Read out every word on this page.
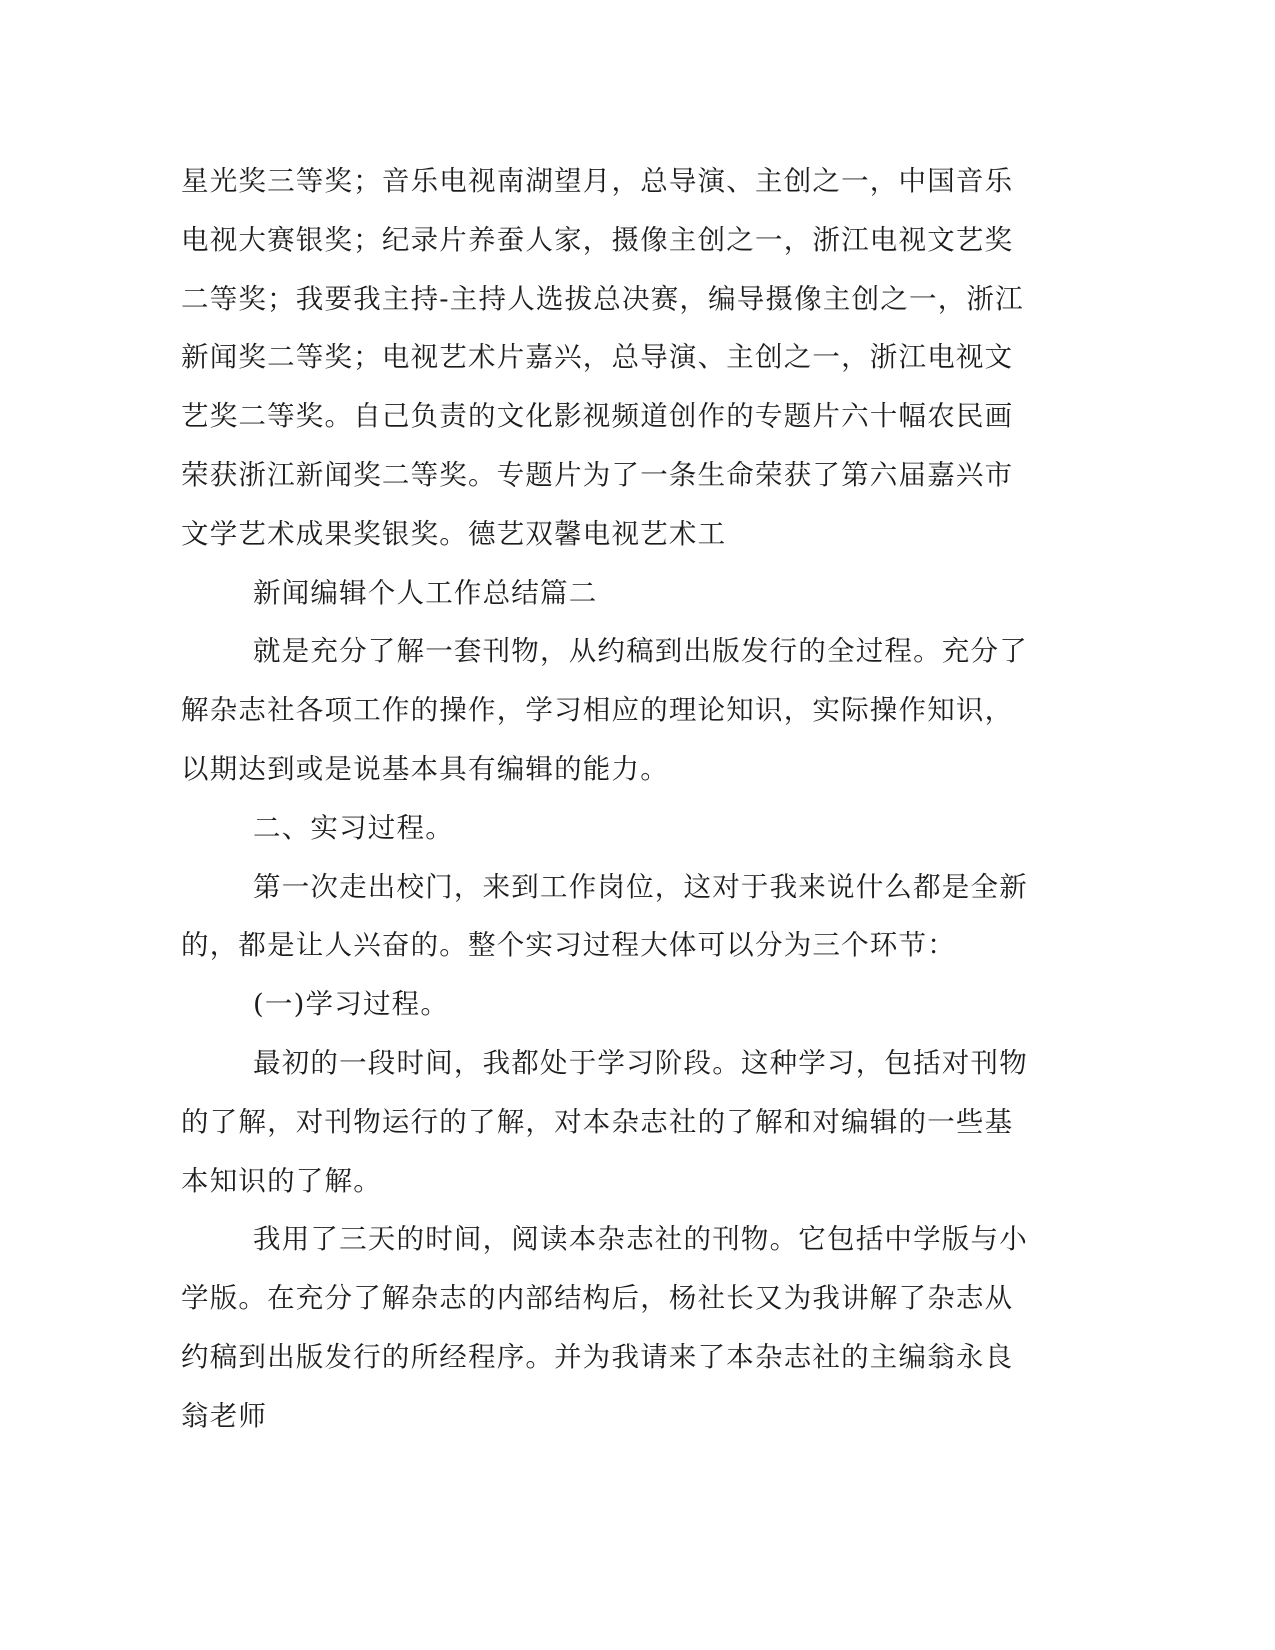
星光奖三等奖；音乐电视南湖望月，总导演、主创之一，中国音乐电视大赛银奖；纪录片养蚕人家，摄像主创之一，浙江电视文艺奖二等奖；我要我主持-主持人选拔总决赛，编导摄像主创之一，浙江新闻奖二等奖；电视艺术片嘉兴，总导演、主创之一，浙江电视文艺奖二等奖。自己负责的文化影视频道创作的专题片六十幅农民画荣获浙江新闻奖二等奖。专题片为了一条生命荣获了第六届嘉兴市文学艺术成果奖银奖。德艺双馨电视艺术工

新闻编辑个人工作总结篇二

就是充分了解一套刊物，从约稿到出版发行的全过程。充分了解杂志社各项工作的操作，学习相应的理论知识，实际操作知识，以期达到或是说基本具有编辑的能力。

二、实习过程。

第一次走出校门，来到工作岗位，这对于我来说什么都是全新的，都是让人兴奋的。整个实习过程大体可以分为三个环节：

(一)学习过程。

最初的一段时间，我都处于学习阶段。这种学习，包括对刊物的了解，对刊物运行的了解，对本杂志社的了解和对编辑的一些基本知识的了解。

我用了三天的时间，阅读本杂志社的刊物。它包括中学版与小学版。在充分了解杂志的内部结构后，杨社长又为我讲解了杂志从约稿到出版发行的所经程序。并为我请来了本杂志社的主编翁永良翁老师
